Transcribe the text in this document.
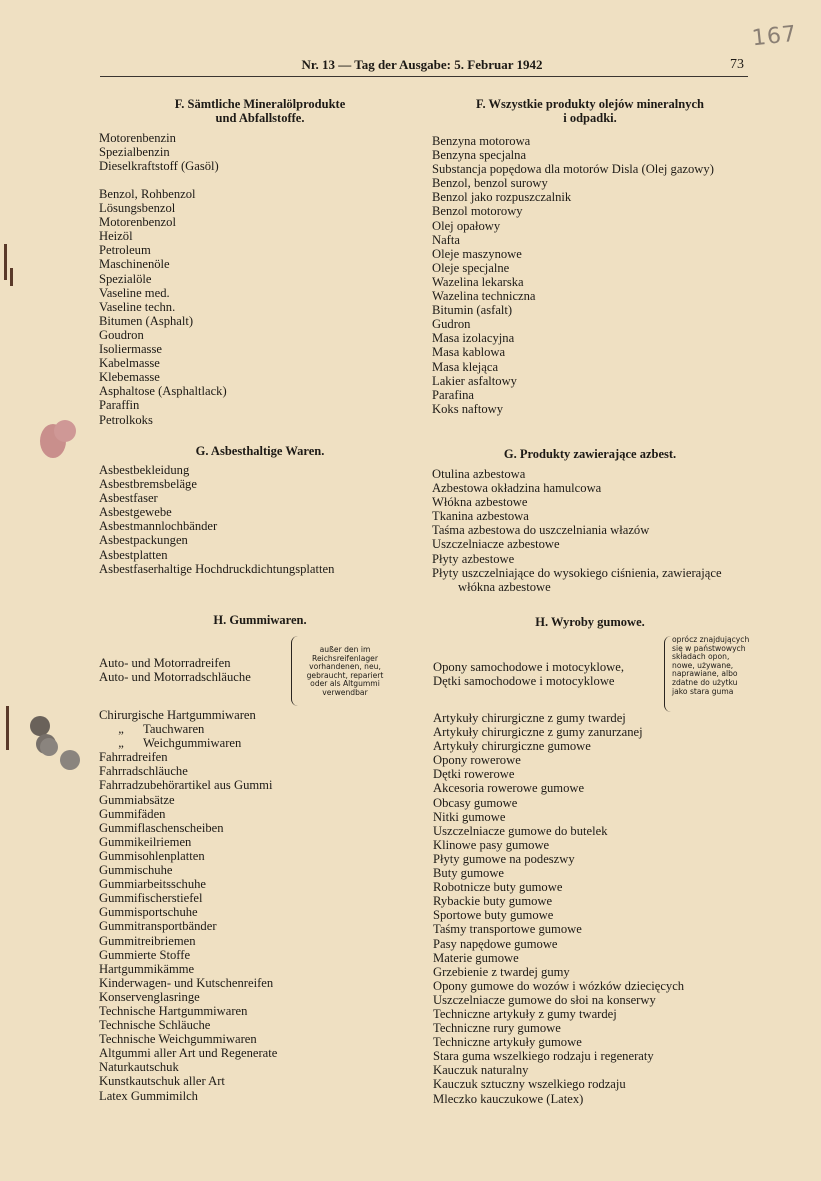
167
Nr. 13 — Tag der Ausgabe: 5. Februar 1942	73
F. Sämtliche Mineralölprodukte
und Abfallstoffe.
Motorenbenzin
Spezialbenzin
Dieselkraftstoff (Gasöl)
Benzol, Rohbenzol
Lösungsbenzol
Motorenbenzol
Heizöl
Petroleum
Maschinenöle
Spezialöle
Vaseline med.
Vaseline techn.
Bitumen (Asphalt)
Goudron
Isoliermasse
Kabelmasse
Klebemasse
Asphaltose (Asphaltlack)
Paraffin
Petrolkoks
G. Asbesthaltige Waren.
Asbestbekleidung
Asbestbremsbeläge
Asbestfaser
Asbestgewebe
Asbestmannlochbänder
Asbestpackungen
Asbestplatten
Asbestfaserhaltige Hochdruckdichtungsplatten
H. Gummiwaren.
Auto- und Motorradreifen
Auto- und Motorradschläuche
außer den im Reichsreifenlager vorhandenen, neu, gebraucht, repariert oder als Altgummi verwendbar
Chirurgische Hartgummiwaren
„ Tauchwaren
„ Weichgummiwaren
Fahrradreifen
Fahrradschläuche
Fahrradzubehörartikel aus Gummi
Gummiabsätze
Gummifäden
Gummiflaschenscheiben
Gummikeilriemen
Gummisohlenplatten
Gummischuhe
Gummiarbeitsschuhe
Gummifischerstiefel
Gummisportschuhe
Gummitransportbänder
Gummitreibriemen
Gummierte Stoffe
Hartgummikämme
Kinderwagen- und Kutschenreifen
Konservenglasringe
Technische Hartgummiwaren
Technische Schläuche
Technische Weichgummiwaren
Altgummi aller Art und Regenerate
Naturkautschuk
Kunstkautschuk aller Art
Latex Gummimilch
F. Wszystkie produkty olejów mineralnych
i odpadki.
Benzyna motorowa
Benzyna specjalna
Substancja popędowa dla motorów Disla (Olej gazowy)
Benzol, benzol surowy
Benzol jako rozpuszczalnik
Benzol motorowy
Olej opałowy
Nafta
Oleje maszynowe
Oleje specjalne
Wazelina lekarska
Wazelina techniczna
Bitumin (asfalt)
Gudron
Masa izolacyjna
Masa kablowa
Masa klejąca
Lakier asfaltowy
Parafina
Koks naftowy
G. Produkty zawierające azbest.
Otulina azbestowa
Azbestowa okładzina hamulcowa
Włókna azbestowe
Tkanina azbestowa
Taśma azbestowa do uszczelniania włazów
Uszczelniacze azbestowe
Płyty azbestowe
Płyty uszczelniające do wysokiego ciśnienia, zawierające włókna azbestowe
H. Wyroby gumowe.
Opony samochodowe i motocyklowe,
Dętki samochodowe i motocyklowe
oprócz znajdujących się w państwowych składach opon, nowe, używane, naprawiane, albo zdatne do użytku jako stara guma
Artykuły chirurgiczne z gumy twardej
Artykuły chirurgiczne z gumy zanurzanej
Artykuły chirurgiczne gumowe
Opony rowerowe
Dętki rowerowe
Akcesoria rowerowe gumowe
Obcasy gumowe
Nitki gumowe
Uszczelniacze gumowe do butelek
Klinowe pasy gumowe
Płyty gumowe na podeszwy
Buty gumowe
Robotnicze buty gumowe
Rybackie buty gumowe
Sportowe buty gumowe
Taśmy transportowe gumowe
Pasy napędowe gumowe
Materie gumowe
Grzebienie z twardej gumy
Opony gumowe do wozów i wózków dziecięcych
Uszczelniacze gumowe do słoi na konserwy
Techniczne artykuły z gumy twardej
Techniczne rury gumowe
Techniczne artykuły gumowe
Stara guma wszelkiego rodzaju i regeneraty
Kauczuk naturalny
Kauczuk sztuczny wszelkiego rodzaju
Mleczko kauczukowe (Latex)
